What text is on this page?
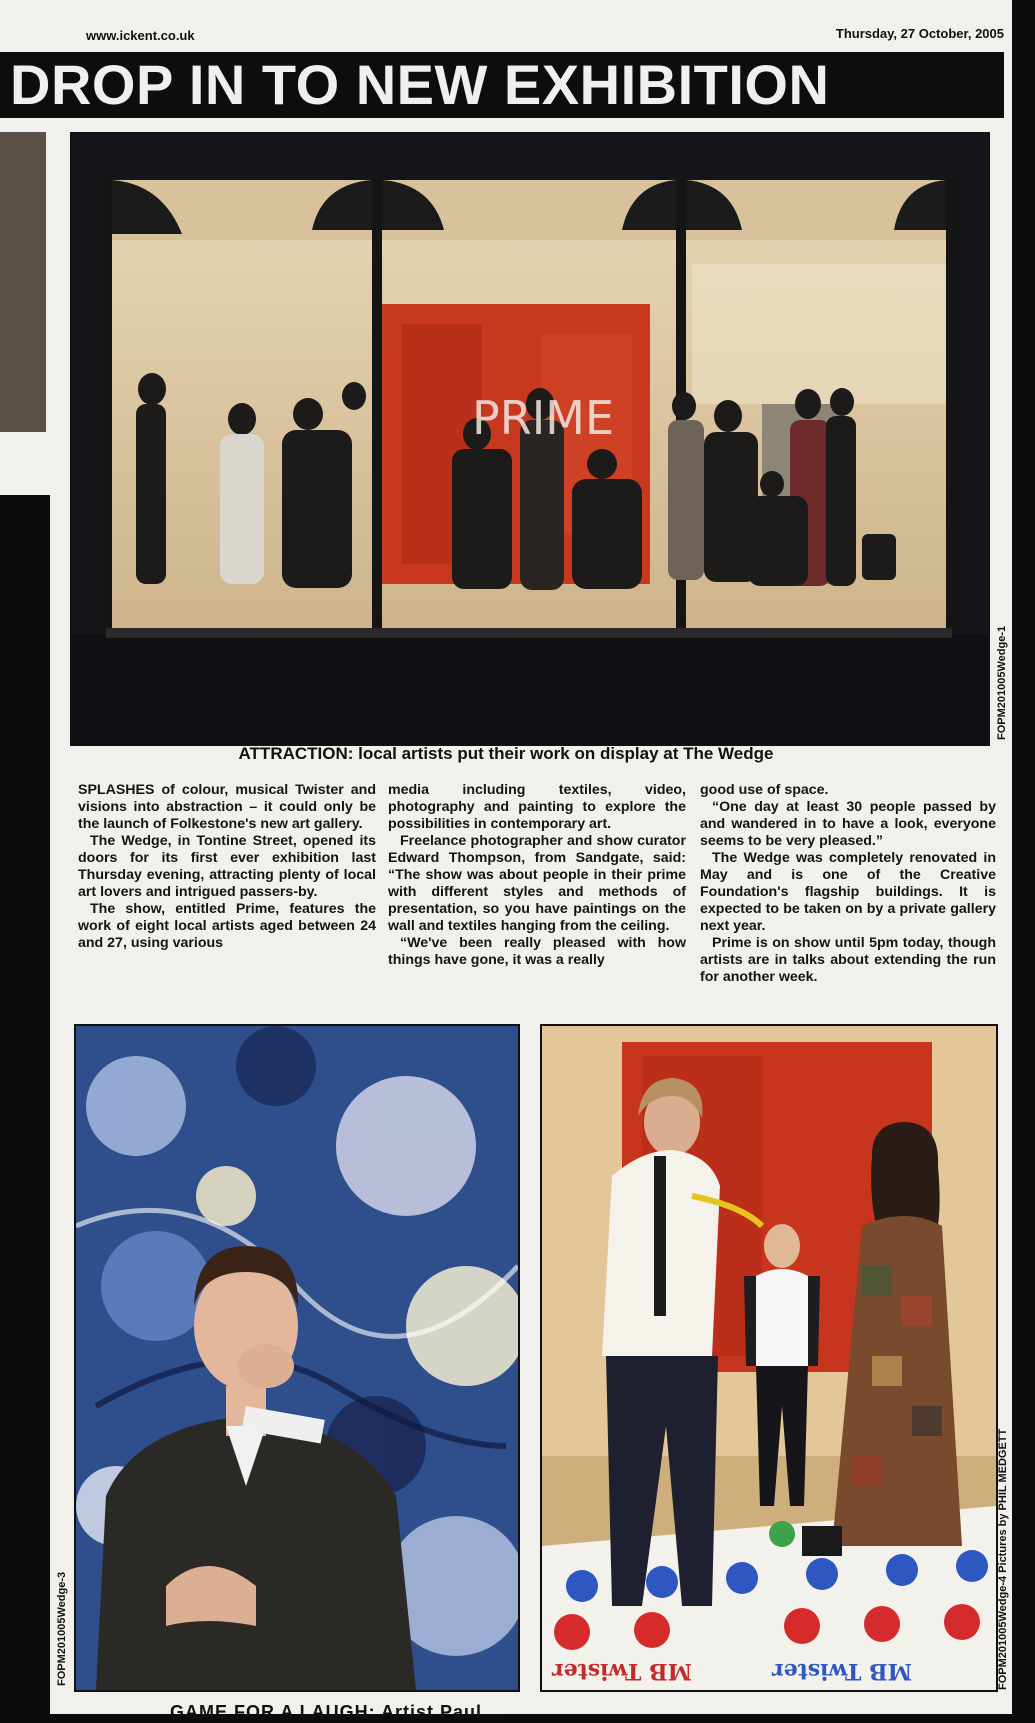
www.ickent.co.uk	Thursday, 27 October, 2005
DROP IN TO NEW EXHIBITION
PRIME
FOPM201005Wedge-1
ATTRACTION: local artists put their work on display at The Wedge

SPLASHES of colour, musical Twister and visions into abstraction – it could only be the launch of Folkestone's new art gallery.

The Wedge, in Tontine Street, opened its doors for its first ever exhibition last Thursday evening, attracting plenty of local art lovers and intrigued passers-by.

The show, entitled Prime, features the work of eight local artists aged between 24 and 27, using various

media including textiles, video, photography and painting to explore the possibilities in contemporary art.

Freelance photographer and show curator Edward Thompson, from Sandgate, said: “The show was about people in their prime with different styles and methods of presentation, so you have paintings on the wall and textiles hanging from the ceiling.

“We've been really pleased with how things have gone, it was a really

good use of space.

“One day at least 30 people passed by and wandered in to have a look, everyone seems to be very pleased.”

The Wedge was completely renovated in May and is one of the Creative Foundation's flagship buildings. It is expected to be taken on by a private gallery next year.

Prime is on show until 5pm today, though artists are in talks about extending the run for another week.

FOPM201005Wedge-3	MB Twister	MB Twister	FOPM201005Wedge-4 Pictures by PHIL MEDGETT
GAME FOR A LAUGH: Artist Paul...
